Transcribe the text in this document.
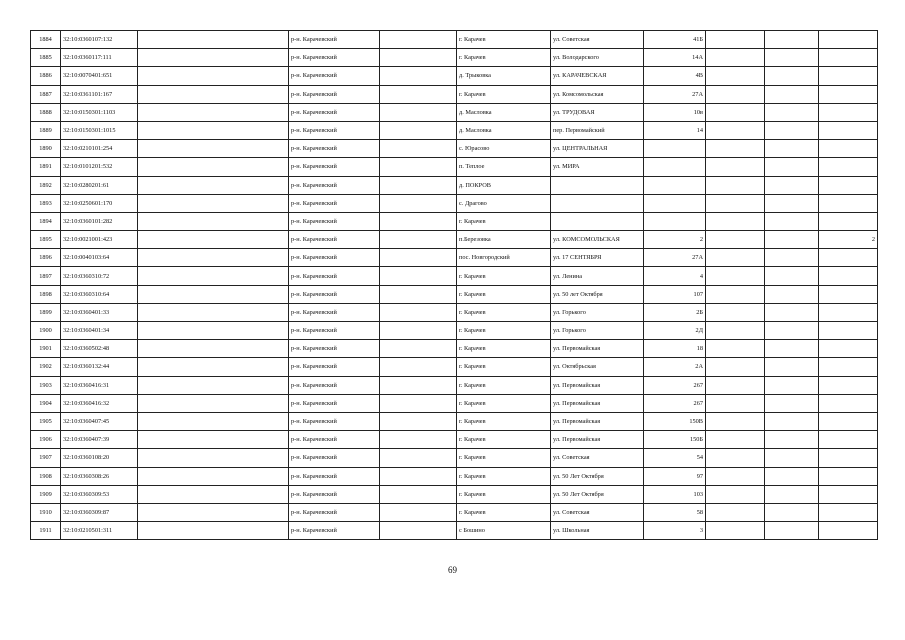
1884	32:10:0360107:132		р-н. Карачевский		г. Карачев	ул. Советская	41Б			
1885	32:10:0360117:111		р-н. Карачевский		г. Карачев	ул. Володарского	14А			
1886	32:10:0070401:651		р-н. Карачевский		д. Трыковка	ул. КАРАЧЕВСКАЯ	4В			
1887	32:10:0361101:167		р-н. Карачевский		г. Карачев	ул. Комсомольская	27А			
1888	32:10:0150301:1103		р-н. Карачевский		д. Масловка	ул. ТРУДОВАЯ	10в			
1889	32:10:0150301:1015		р-н. Карачевский		д. Масловка	пер. Первомайский	14			
1890	32:10:0210101:254		р-н. Карачевский		с. Юрасово	ул. ЦЕНТРАЛЬНАЯ				
1891	32:10:0101201:532		р-н. Карачевский		п. Теплое	ул. МИРА				
1892	32:10:0280201:61		р-н. Карачевский		д. ПОКРОВ					
1893	32:10:0250601:170		р-н. Карачевский		с. Драгово					
1894	32:10:0360101:282		р-н. Карачевский		г. Карачев					
1895	32:10:0021001:423		р-н. Карачевский		п.Березовка	ул. КОМСОМОЛЬСКАЯ	2			2
1896	32:10:0040103:64		р-н. Карачевский		пос. Новгородский	ул. 17 СЕНТЯБРЯ	27А			
1897	32:10:0360310:72		р-н. Карачевский		г. Карачев	ул. Ленина	4			
1898	32:10:0360310:64		р-н. Карачевский		г. Карачев	ул. 50 лет Октября	107			
1899	32:10:0360401:33		р-н. Карачевский		г. Карачев	ул. Горького	2Б			
1900	32:10:0360401:34		р-н. Карачевский		г. Карачев	ул. Горького	2Д			
1901	32:10:0360502:48		р-н. Карачевский		г. Карачев	ул. Первомайская	18			
1902	32:10:0360132:44		р-н. Карачевский		г. Карачев	ул. Октябрьская	2А			
1903	32:10:0360416:31		р-н. Карачевский		г. Карачев	ул. Первомайская	267			
1904	32:10:0360416:32		р-н. Карачевский		г. Карачев	ул. Первомайская	267			
1905	32:10:0360407:45		р-н. Карачевский		г. Карачев	ул. Первомайская	150В			
1906	32:10:0360407:39		р-н. Карачевский		г. Карачев	ул. Первомайская	150Б			
1907	32:10:0360108:20		р-н. Карачевский		г. Карачев	ул. Советская	54			
1908	32:10:0360308:26		р-н. Карачевский		г. Карачев	ул. 50 Лет Октября	97			
1909	32:10:0360309:53		р-н. Карачевский		г. Карачев	ул. 50 Лет Октября	103			
1910	32:10:0360309:87		р-н. Карачевский		г. Карачев	ул. Советская	58			
1911	32:10:0210501:311		р-н. Карачевский		с Бошино	ул. Школьная	3			
69
